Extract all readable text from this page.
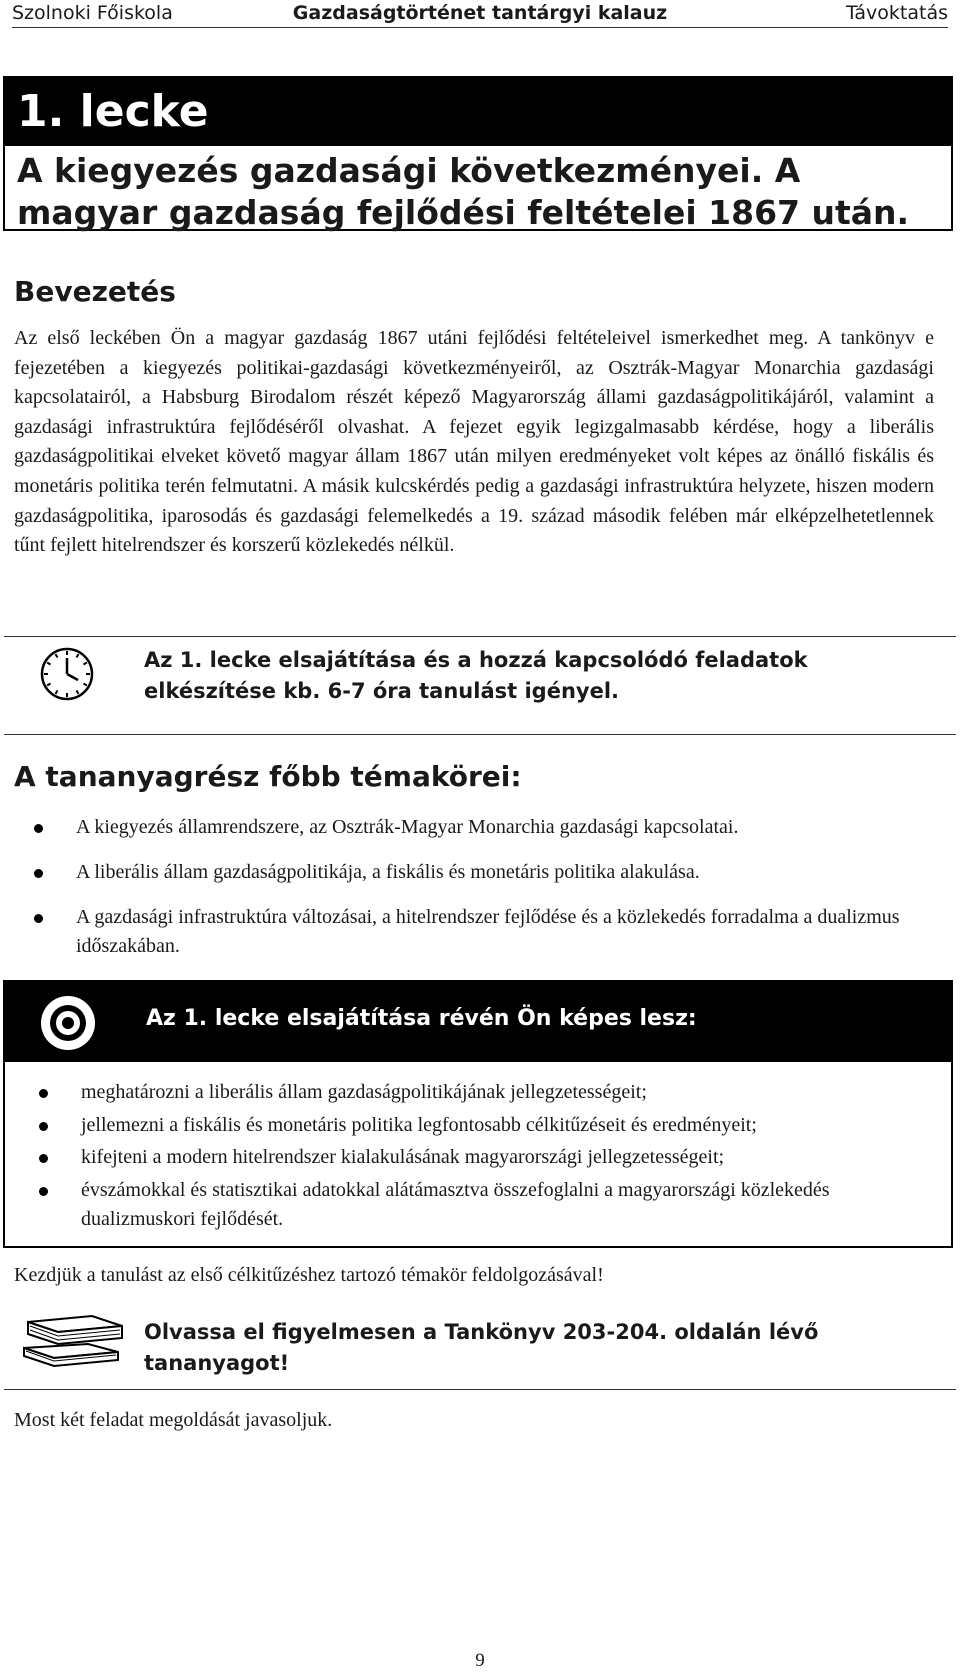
Gazdaságtörténet tantárgyi kalauz
Szolnoki Főiskola	Távoktatás
1. lecke
A kiegyezés gazdasági következményei. A magyar gazdaság fejlődési feltételei 1867 után.
Bevezetés
Az első leckében Ön a magyar gazdaság 1867 utáni fejlődési feltételeivel ismerkedhet meg. A tankönyv e fejezetében a kiegyezés politikai-gazdasági következményeiről, az Osztrák-Magyar Monarchia gazdasági kapcsolatairól, a Habsburg Birodalom részét képező Magyarország állami gazdaságpolitikájáról, valamint a gazdasági infrastruktúra fejlődéséről olvashat. A fejezet egyik legizgalmasabb kérdése, hogy a liberális gazdaságpolitikai elveket követő magyar állam 1867 után milyen eredményeket volt képes az önálló fiskális és monetáris politika terén felmutatni. A másik kulcskérdés pedig a gazdasági infrastruktúra helyzete, hiszen modern gazdaságpolitika, iparosodás és gazdasági felemelkedés a 19. század második felében már elképzelhetetlennek tűnt fejlett hitelrendszer és korszerű közlekedés nélkül.
Az 1. lecke elsajátítása és a hozzá kapcsolódó feladatok elkészítése kb. 6-7 óra tanulást igényel.
A tananyagrész főbb témakörei:
A kiegyezés államrendszere, az Osztrák-Magyar Monarchia gazdasági kapcsolatai.
A liberális állam gazdaságpolitikája, a fiskális és monetáris politika alakulása.
A gazdasági infrastruktúra változásai, a hitelrendszer fejlődése és a közlekedés forradalma a dualizmus időszakában.
Az 1. lecke elsajátítása révén Ön képes lesz:
meghatározni a liberális állam gazdaságpolitikájának jellegzetességeit;
jellemezni a fiskális és monetáris politika legfontosabb célkitűzéseit és eredményeit;
kifejteni a modern hitelrendszer kialakulásának magyarországi jellegzetességeit;
évszámokkal és statisztikai adatokkal alátámasztva összefoglalni a magyarországi közlekedés dualizmuskori fejlődését.
Kezdjük a tanulást az első célkitűzéshez tartozó témakör feldolgozásával!
Olvassa el figyelmesen a Tankönyv 203-204. oldalán lévő tananyagot!
Most két feladat megoldását javasoljuk.
9
